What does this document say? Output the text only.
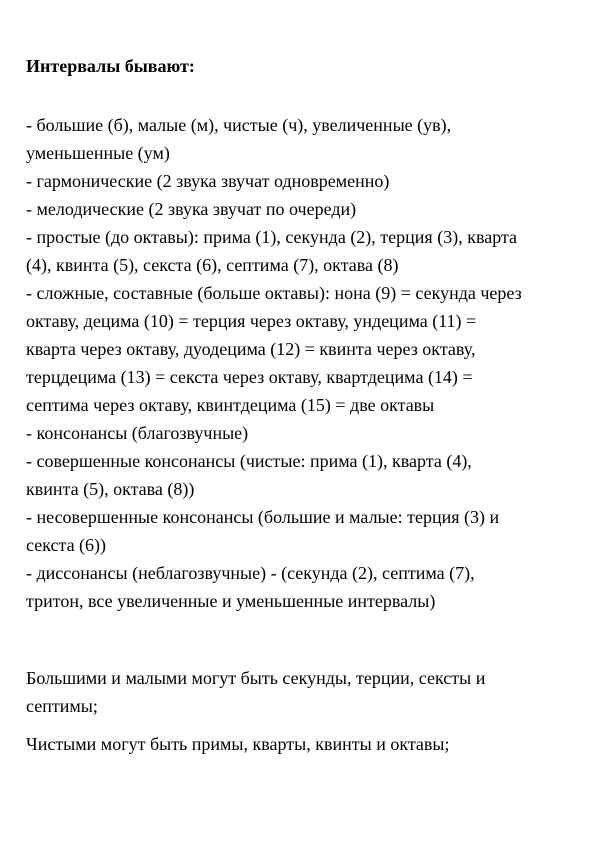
Интервалы бывают:
- большие (б), малые (м), чистые (ч), увеличенные (ув),
уменьшенные (ум)
- гармонические (2 звука звучат одновременно)
- мелодические (2 звука звучат по очереди)
- простые (до октавы): прима (1), секунда (2), терция (3), кварта
(4), квинта (5), секста (6), септима (7), октава (8)
- сложные, составные (больше октавы): нона (9) = секунда через
октаву, децима (10) = терция через октаву, ундецима (11) =
кварта через октаву, дуодецима (12) = квинта через октаву,
терцдецима (13) = секста через октаву, квартдецима (14) =
септима через октаву, квинтдецима (15) = две октавы
- консонансы (благозвучные)
- совершенные консонансы (чистые: прима (1), кварта (4),
квинта (5), октава (8))
- несовершенные консонансы (большие и малые: терция (3) и
секста (6))
- диссонансы (неблагозвучные) - (секунда (2), септима (7),
тритон, все увеличенные и уменьшенные интервалы)
Большими и малыми могут быть секунды, терции, сексты и
септимы;
Чистыми могут быть примы, кварты, квинты и октавы;
